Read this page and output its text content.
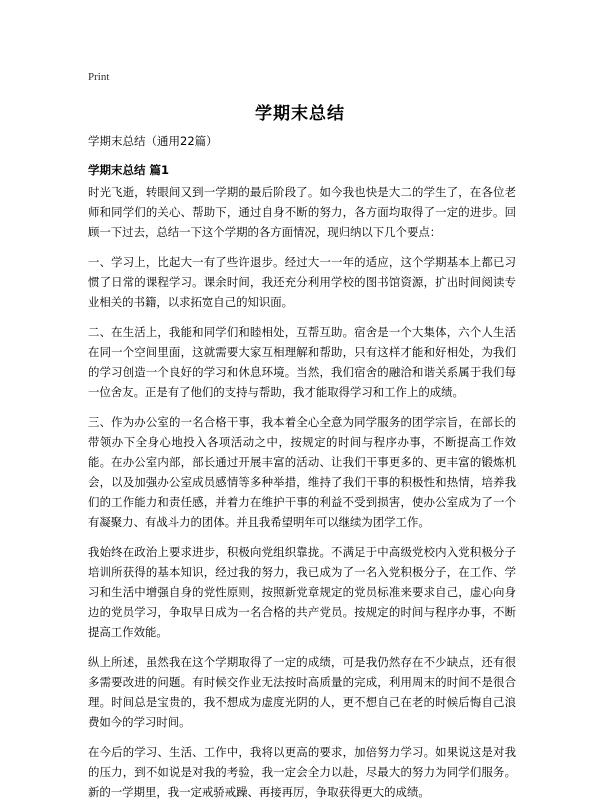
Print
学期末总结
学期末总结（通用22篇）
学期末总结 篇1

时光飞逝，转眼间又到一学期的最后阶段了。如今我也快是大二的学生了，在各位老师和同学们的关心、帮助下，通过自身不断的努力，各方面均取得了一定的进步。回顾一下过去，总结一下这个学期的各方面情况，现归纳以下几个要点：

一、学习上，比起大一有了些许退步。经过大一一年的适应，这个学期基本上都已习惯了日常的课程学习。课余时间，我还充分利用学校的图书馆资源，扩出时间阅读专业相关的书籍，以求拓宽自己的知识面。

二、在生活上，我能和同学们和睦相处，互帮互助。宿舍是一个大集体，六个人生活在同一个空间里面，这就需要大家互相理解和帮助，只有这样才能和好相处，为我们的学习创造一个良好的学习和休息环境。当然，我们宿舍的融洽和谐关系属于我们每一位舍友。正是有了他们的支持与帮助，我才能取得学习和工作上的成绩。

三、作为办公室的一名合格干事，我本着全心全意为同学服务的团学宗旨，在部长的带领办下全身心地投入各项活动之中，按规定的时间与程序办事，不断提高工作效能。在办公室内部，部长通过开展丰富的活动、让我们干事更多的、更丰富的锻炼机会，以及加强办公室成员感情等多种举措，维持了我们干事的积极性和热情，培养我们的工作能力和责任感，并着力在维护干事的利益不受到损害，使办公室成为了一个有凝聚力、有战斗力的团体。并且我希望明年可以继续为团学工作。

我始终在政治上要求进步，积极向党组织靠拢。不满足于中高级党校内入党积极分子培训所获得的基本知识，经过我的努力，我已成为了一名入党积极分子，在工作、学习和生活中增强自身的党性原则，按照新党章规定的党员标准来要求自己，虚心向身边的党员学习，争取早日成为一名合格的共产党员。按规定的时间与程序办事，不断提高工作效能。

纵上所述，虽然我在这个学期取得了一定的成绩，可是我仍然存在不少缺点，还有很多需要改进的问题。有时候交作业无法按时高质量的完成，利用周末的时间不是很合理。时间总是宝贵的，我不想成为虚度光阴的人，更不想自己在老的时候后悔自己浪费如今的学习时间。

在今后的学习、生活、工作中，我将以更高的要求，加倍努力学习。如果说这是对我的压力，到不如说是对我的考验，我一定会全力以赴，尽最大的努力为同学们服务。新的一学期里，我一定戒骄戒躁、再接再厉，争取获得更大的成绩。
